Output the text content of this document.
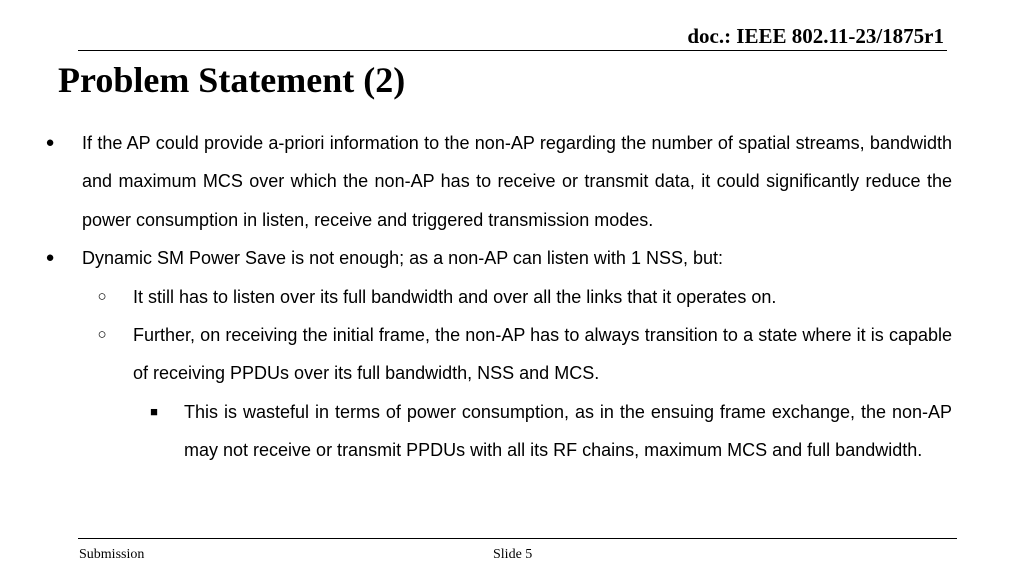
doc.: IEEE 802.11-23/1875r1
Problem Statement (2)
● If the AP could provide a-priori information to the non-AP regarding the number of spatial streams, bandwidth and maximum MCS over which the non-AP has to receive or transmit data, it could significantly reduce the power consumption in listen, receive and triggered transmission modes.
● Dynamic SM Power Save is not enough; as a non-AP can listen with 1 NSS, but:
○ It still has to listen over its full bandwidth and over all the links that it operates on.
○ Further, on receiving the initial frame, the non-AP has to always transition to a state where it is capable of receiving PPDUs over its full bandwidth, NSS and MCS.
■	This is wasteful in terms of power consumption, as in the ensuing frame exchange, the non-AP may not receive or transmit PPDUs with all its RF chains, maximum MCS and full bandwidth.
Submission	Slide 5
